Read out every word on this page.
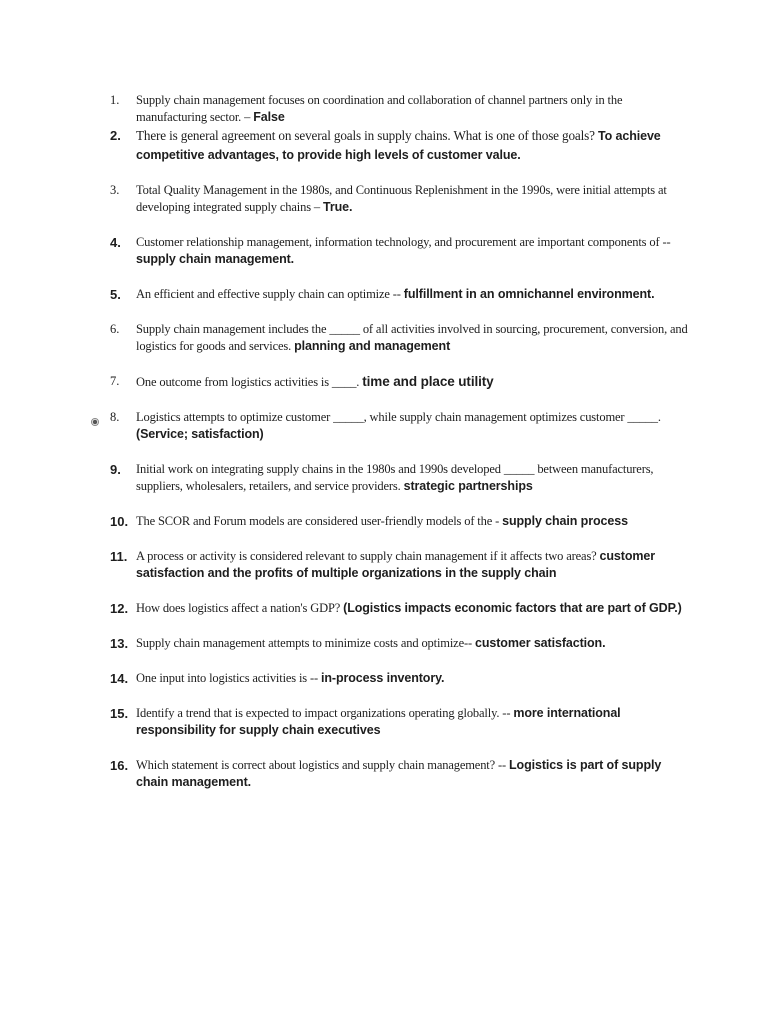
1.	Supply chain management focuses on coordination and collaboration of channel partners only in the manufacturing sector. – False
2.	There is general agreement on several goals in supply chains. What is one of those goals? To achieve competitive advantages, to provide high levels of customer value.
3.	Total Quality Management in the 1980s, and Continuous Replenishment in the 1990s, were initial attempts at developing integrated supply chains – True.
4.	Customer relationship management, information technology, and procurement are important components of -- supply chain management.
5.	An efficient and effective supply chain can optimize -- fulfillment in an omnichannel environment.
6.	Supply chain management includes the _____ of all activities involved in sourcing, procurement, conversion, and logistics for goods and services. planning and management
7.	One outcome from logistics activities is ____. time and place utility
8.	Logistics attempts to optimize customer _____, while supply chain management optimizes customer _____. (Service; satisfaction)
9.	Initial work on integrating supply chains in the 1980s and 1990s developed _____ between manufacturers, suppliers, wholesalers, retailers, and service providers. strategic partnerships
10. The SCOR and Forum models are considered user-friendly models of the - supply chain process
11. A process or activity is considered relevant to supply chain management if it affects two areas? customer satisfaction and the profits of multiple organizations in the supply chain
12. How does logistics affect a nation's GDP? (Logistics impacts economic factors that are part of GDP.)
13. Supply chain management attempts to minimize costs and optimize-- customer satisfaction.
14. One input into logistics activities is -- in-process inventory.
15. Identify a trend that is expected to impact organizations operating globally. -- more international responsibility for supply chain executives
16. Which statement is correct about logistics and supply chain management? -- Logistics is part of supply chain management.
